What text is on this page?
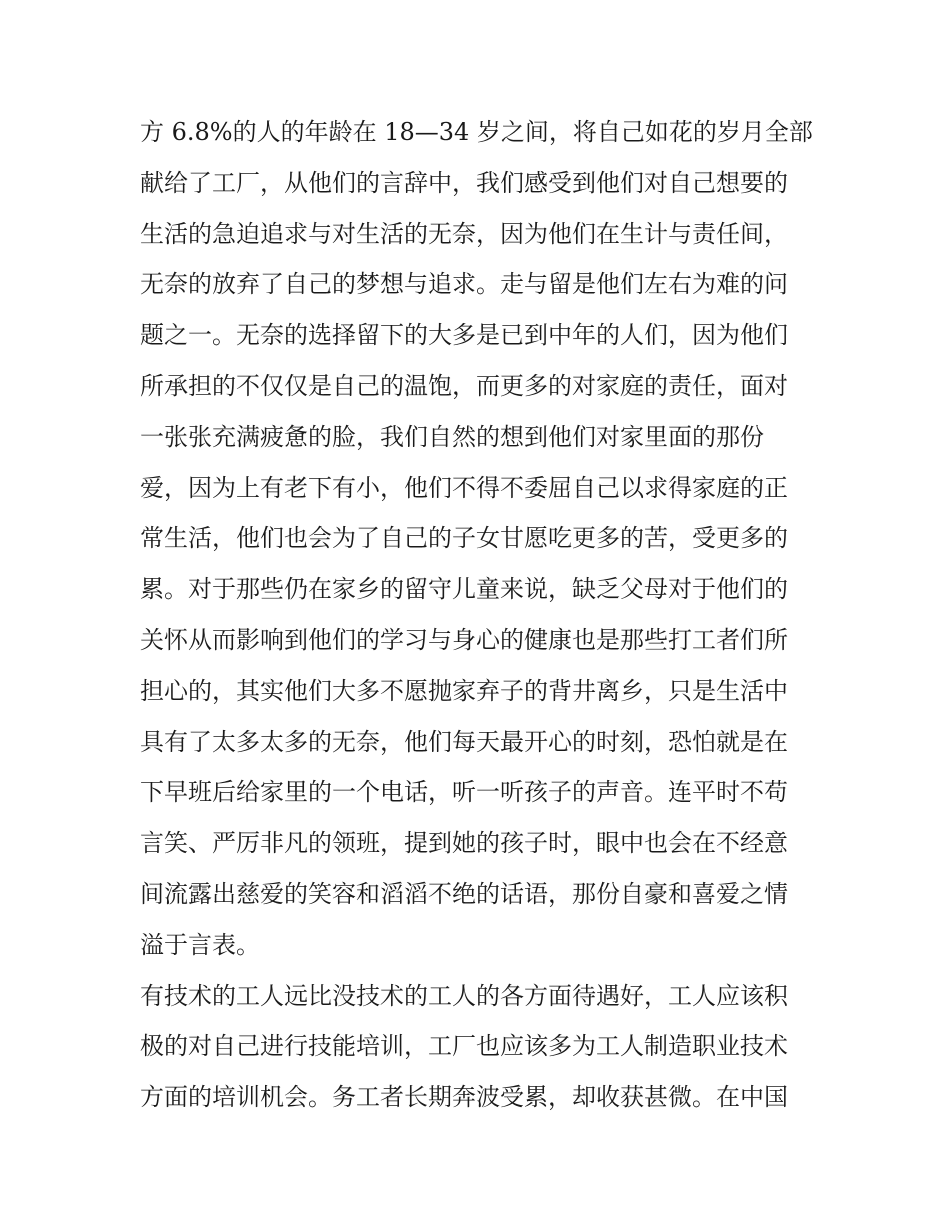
方 6.8%的人的年龄在 18—34 岁之间，将自己如花的岁月全部
献给了工厂，从他们的言辞中，我们感受到他们对自己想要的
生活的急迫追求与对生活的无奈，因为他们在生计与责任间，
无奈的放弃了自己的梦想与追求。走与留是他们左右为难的问
题之一。无奈的选择留下的大多是已到中年的人们，因为他们
所承担的不仅仅是自己的温饱，而更多的对家庭的责任，面对
一张张充满疲惫的脸，我们自然的想到他们对家里面的那份
爱，因为上有老下有小，他们不得不委屈自己以求得家庭的正
常生活，他们也会为了自己的子女甘愿吃更多的苦，受更多的
累。对于那些仍在家乡的留守儿童来说，缺乏父母对于他们的
关怀从而影响到他们的学习与身心的健康也是那些打工者们所
担心的，其实他们大多不愿抛家弃子的背井离乡，只是生活中
具有了太多太多的无奈，他们每天最开心的时刻，恐怕就是在
下早班后给家里的一个电话，听一听孩子的声音。连平时不苟
言笑、严厉非凡的领班，提到她的孩子时，眼中也会在不经意
间流露出慈爱的笑容和滔滔不绝的话语，那份自豪和喜爱之情
溢于言表。
有技术的工人远比没技术的工人的各方面待遇好，工人应该积
极的对自己进行技能培训，工厂也应该多为工人制造职业技术
方面的培训机会。务工者长期奔波受累，却收获甚微。在中国
